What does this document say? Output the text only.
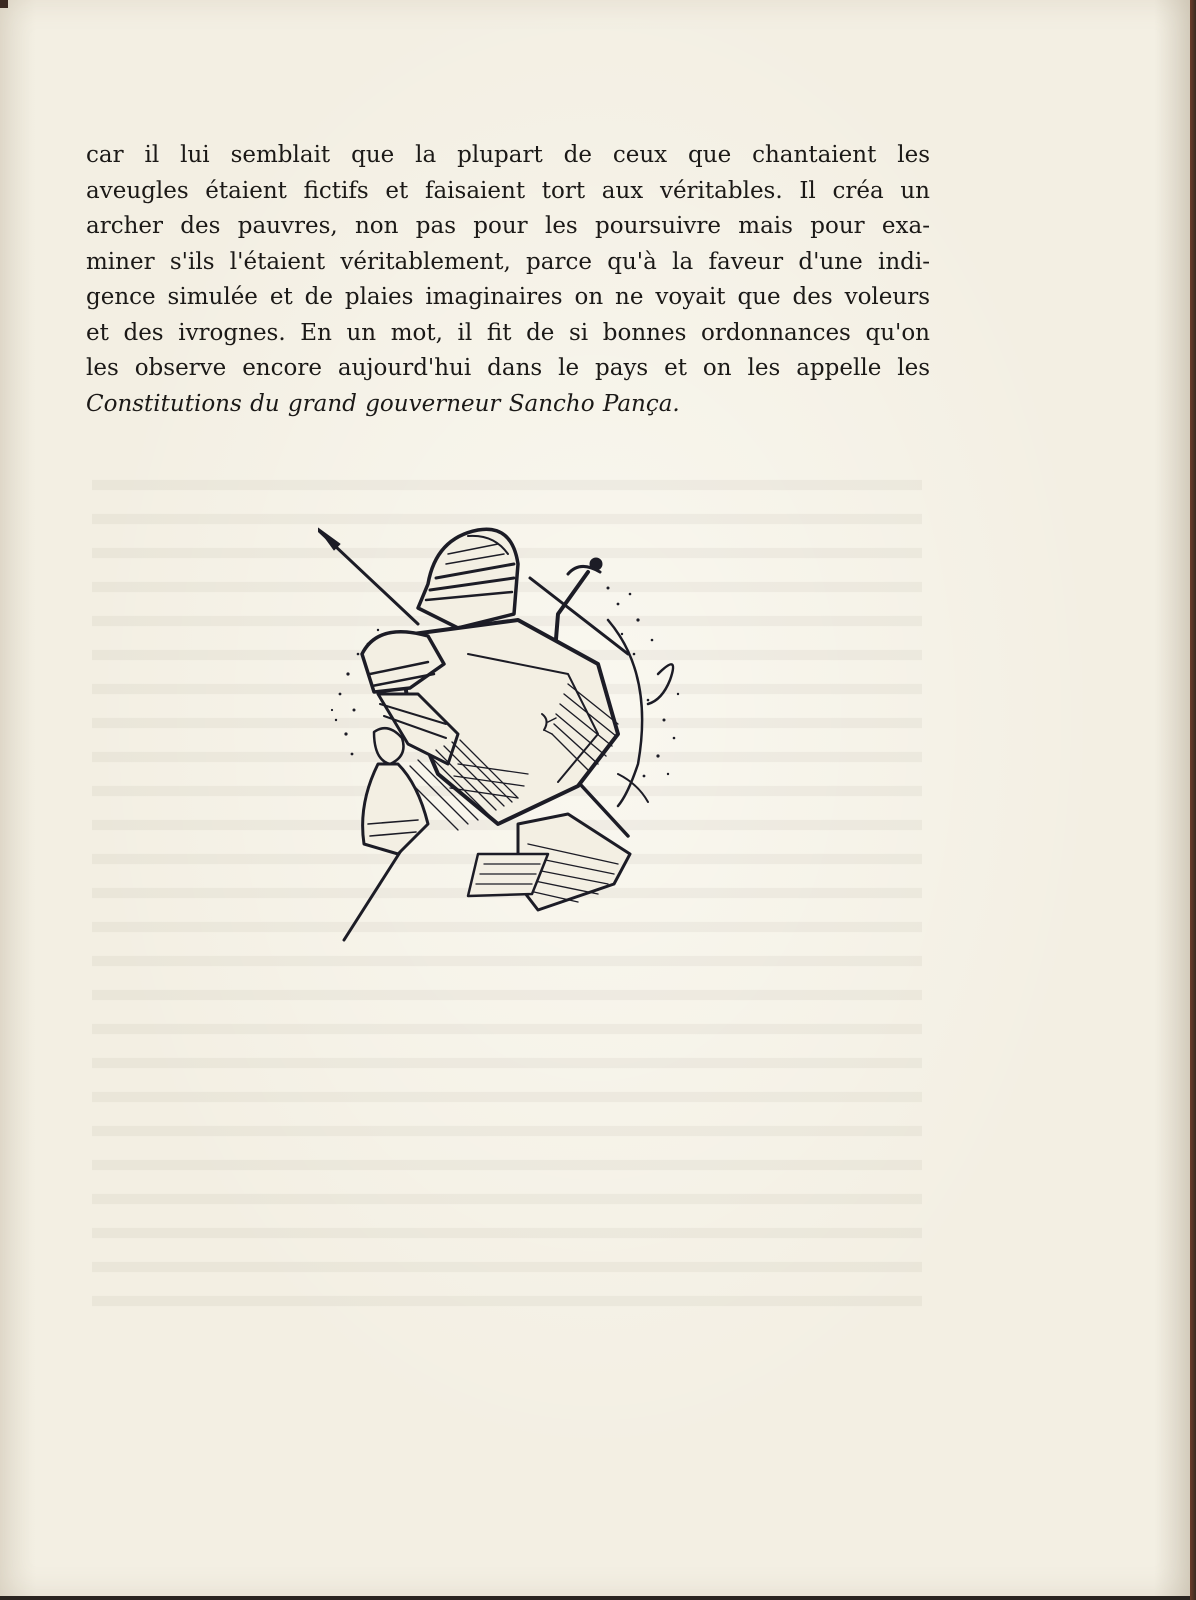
car il lui semblait que la plupart de ceux que chantaient les
aveugles étaient fictifs et faisaient tort aux véritables. Il créa un
archer des pauvres, non pas pour les poursuivre mais pour exa-
miner s'ils l'étaient véritablement, parce qu'à la faveur d'une indi-
gence simulée et de plaies imaginaires on ne voyait que des voleurs
et des ivrognes. En un mot, il fit de si bonnes ordonnances qu'on
les observe encore aujourd'hui dans le pays et on les appelle les
Constitutions du grand gouverneur Sancho Pança.
